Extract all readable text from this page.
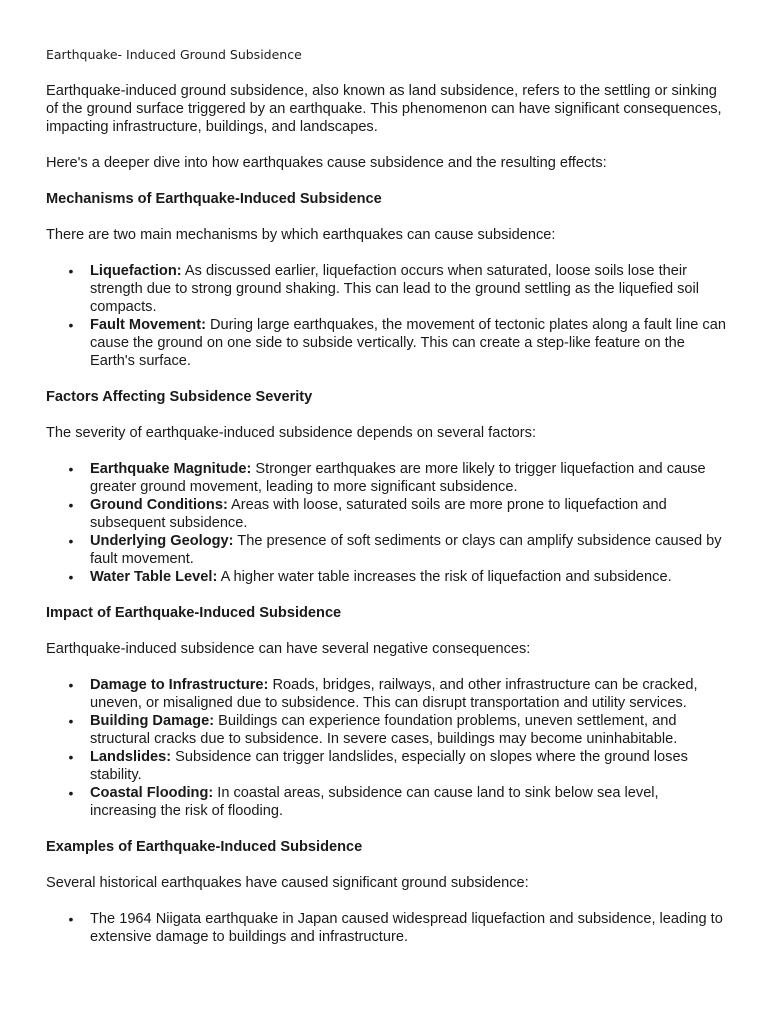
Earthquake- Induced Ground Subsidence

Earthquake-induced ground subsidence, also known as land subsidence, refers to the settling or sinking of the ground surface triggered by an earthquake. This phenomenon can have significant consequences, impacting infrastructure, buildings, and landscapes.

Here's a deeper dive into how earthquakes cause subsidence and the resulting effects:

Mechanisms of Earthquake-Induced Subsidence

There are two main mechanisms by which earthquakes can cause subsidence:

• Liquefaction: As discussed earlier, liquefaction occurs when saturated, loose soils lose their strength due to strong ground shaking. This can lead to the ground settling as the liquefied soil compacts.
• Fault Movement: During large earthquakes, the movement of tectonic plates along a fault line can cause the ground on one side to subside vertically. This can create a step-like feature on the Earth's surface.
Factors Affecting Subsidence Severity

The severity of earthquake-induced subsidence depends on several factors:

• Earthquake Magnitude: Stronger earthquakes are more likely to trigger liquefaction and cause greater ground movement, leading to more significant subsidence.
• Ground Conditions: Areas with loose, saturated soils are more prone to liquefaction and subsequent subsidence.
• Underlying Geology: The presence of soft sediments or clays can amplify subsidence caused by fault movement.
• Water Table Level: A higher water table increases the risk of liquefaction and subsidence.
Impact of Earthquake-Induced Subsidence

Earthquake-induced subsidence can have several negative consequences:

• Damage to Infrastructure: Roads, bridges, railways, and other infrastructure can be cracked, uneven, or misaligned due to subsidence. This can disrupt transportation and utility services.
• Building Damage: Buildings can experience foundation problems, uneven settlement, and structural cracks due to subsidence. In severe cases, buildings may become uninhabitable.
• Landslides: Subsidence can trigger landslides, especially on slopes where the ground loses stability.
• Coastal Flooding: In coastal areas, subsidence can cause land to sink below sea level, increasing the risk of flooding.
Examples of Earthquake-Induced Subsidence

Several historical earthquakes have caused significant ground subsidence:

• The 1964 Niigata earthquake in Japan caused widespread liquefaction and subsidence, leading to extensive damage to buildings and infrastructure.
